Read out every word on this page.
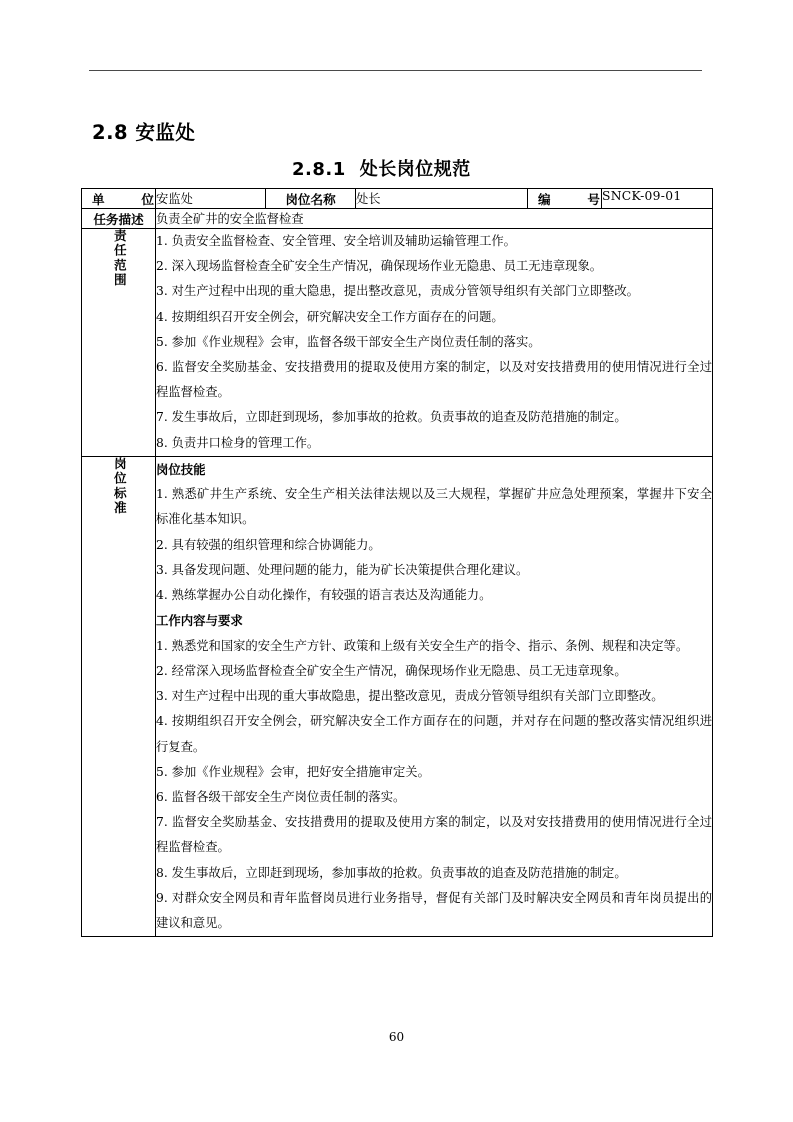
2.8 安监处
2.8.1 处长岗位规范
单 位	安监处	岗位名称	处长	编 号	SNCK-09-01
任务描述	负责全矿井的安全监督检查				
责任范围	1. 负责安全监督检查、安全管理、安全培训及辅助运输管理工作。

2. 深入现场监督检查全矿安全生产情况，确保现场作业无隐患、员工无违章现象。

3. 对生产过程中出现的重大隐患，提出整改意见，责成分管领导组织有关部门立即整改。

4. 按期组织召开安全例会，研究解决安全工作方面存在的问题。

5. 参加《作业规程》会审，监督各级干部安全生产岗位责任制的落实。

6. 监督安全奖励基金、安技措费用的提取及使用方案的制定，以及对安技措费用的使用情况进行全过程监督检查。

7. 发生事故后，立即赶到现场，参加事故的抢救。负责事故的追查及防范措施的制定。

8. 负责井口检身的管理工作。

岗位标准	岗位技能

1. 熟悉矿井生产系统、安全生产相关法律法规以及三大规程，掌握矿井应急处理预案，掌握井下安全标准化基本知识。

2. 具有较强的组织管理和综合协调能力。

3. 具备发现问题、处理问题的能力，能为矿长决策提供合理化建议。

4. 熟练掌握办公自动化操作，有较强的语言表达及沟通能力。

工作内容与要求

1. 熟悉党和国家的安全生产方针、政策和上级有关安全生产的指令、指示、条例、规程和决定等。

2. 经常深入现场监督检查全矿安全生产情况，确保现场作业无隐患、员工无违章现象。

3. 对生产过程中出现的重大事故隐患，提出整改意见，责成分管领导组织有关部门立即整改。

4. 按期组织召开安全例会，研究解决安全工作方面存在的问题，并对存在问题的整改落实情况组织进行复查。

5. 参加《作业规程》会审，把好安全措施审定关。

6. 监督各级干部安全生产岗位责任制的落实。

7. 监督安全奖励基金、安技措费用的提取及使用方案的制定，以及对安技措费用的使用情况进行全过程监督检查。

8. 发生事故后，立即赶到现场，参加事故的抢救。负责事故的追查及防范措施的制定。

9. 对群众安全网员和青年监督岗员进行业务指导，督促有关部门及时解决安全网员和青年岗员提出的建议和意见。

60
